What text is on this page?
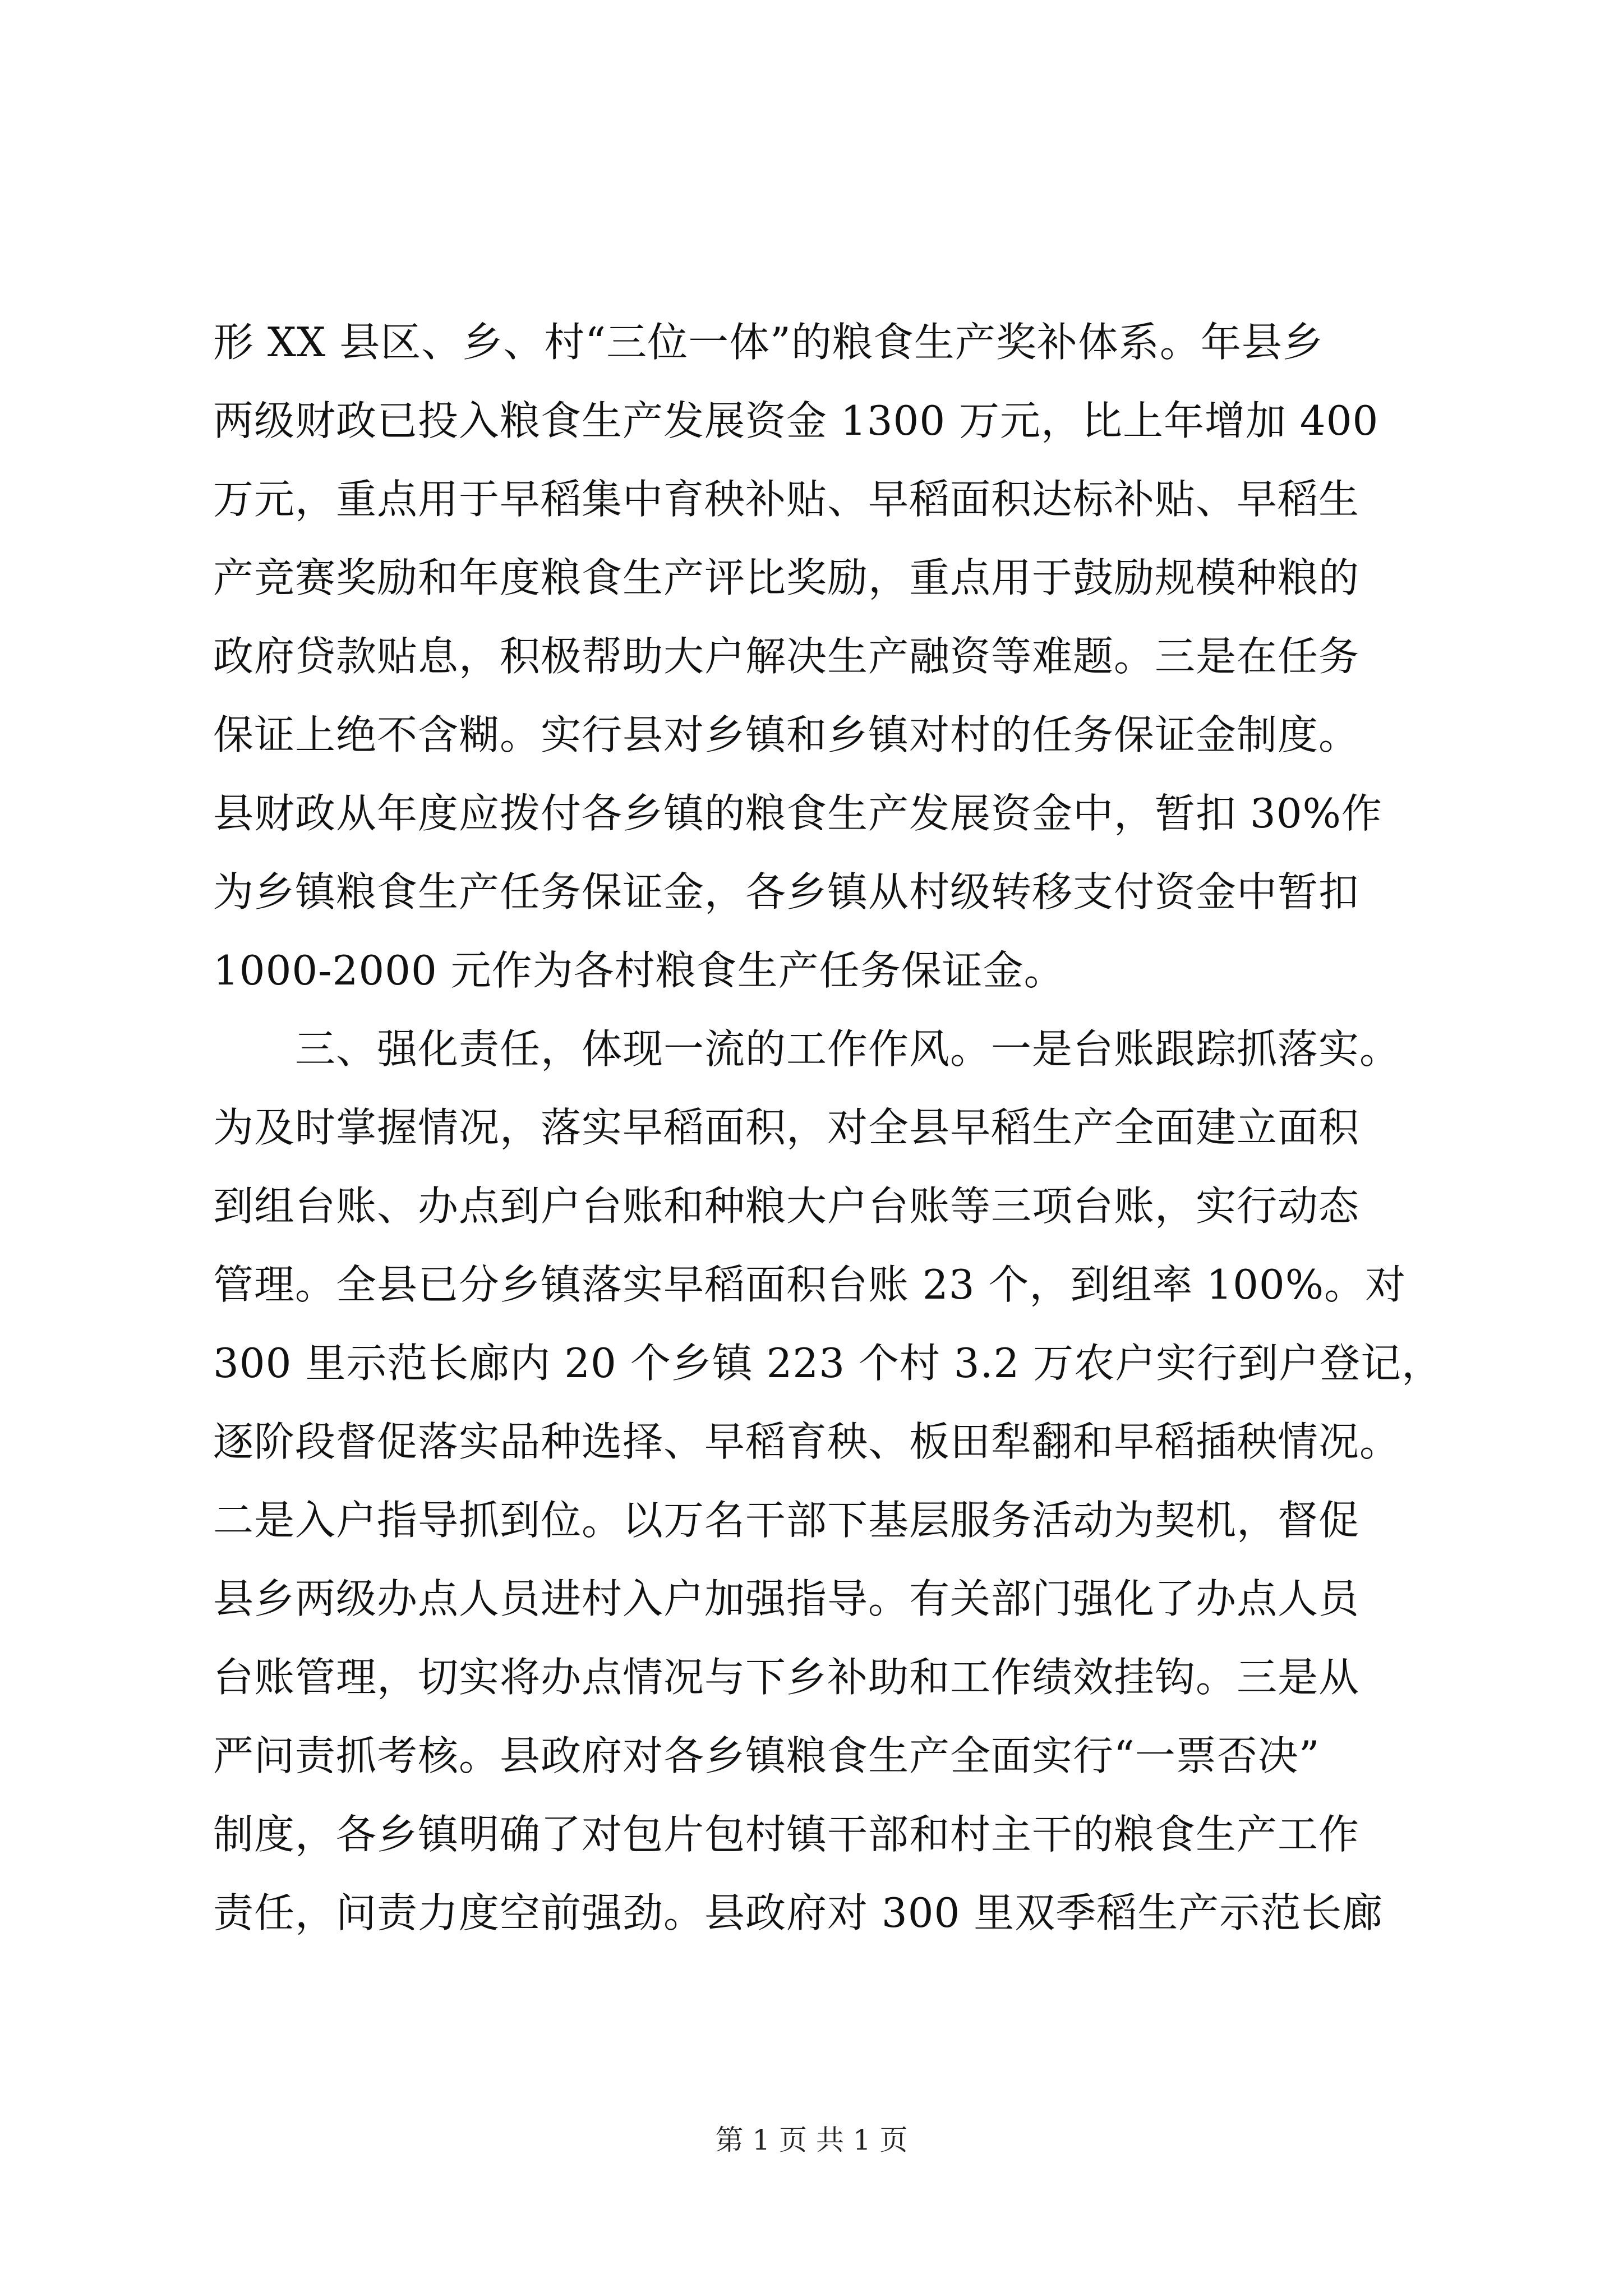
形 XX 县区、乡、村“三位一体”的粮食生产奖补体系。年县乡
两级财政已投入粮食生产发展资金 1300 万元，比上年增加 400
万元，重点用于早稻集中育秧补贴、早稻面积达标补贴、早稻生
产竞赛奖励和年度粮食生产评比奖励，重点用于鼓励规模种粮的
政府贷款贴息，积极帮助大户解决生产融资等难题。三是在任务
保证上绝不含糊。实行县对乡镇和乡镇对村的任务保证金制度。
县财政从年度应拨付各乡镇的粮食生产发展资金中，暂扣 30%作
为乡镇粮食生产任务保证金，各乡镇从村级转移支付资金中暂扣
1000-2000 元作为各村粮食生产任务保证金。
　　三、强化责任，体现一流的工作作风。一是台账跟踪抓落实。
为及时掌握情况，落实早稻面积，对全县早稻生产全面建立面积
到组台账、办点到户台账和种粮大户台账等三项台账，实行动态
管理。全县已分乡镇落实早稻面积台账 23 个，到组率 100%。对
300 里示范长廊内 20 个乡镇 223 个村 3.2 万农户实行到户登记，
逐阶段督促落实品种选择、早稻育秧、板田犁翻和早稻插秧情况。
二是入户指导抓到位。以万名干部下基层服务活动为契机，督促
县乡两级办点人员进村入户加强指导。有关部门强化了办点人员
台账管理，切实将办点情况与下乡补助和工作绩效挂钩。三是从
严问责抓考核。县政府对各乡镇粮食生产全面实行“一票否决”
制度，各乡镇明确了对包片包村镇干部和村主干的粮食生产工作
责任，问责力度空前强劲。县政府对 300 里双季稻生产示范长廊
第 1 页 共 1 页
